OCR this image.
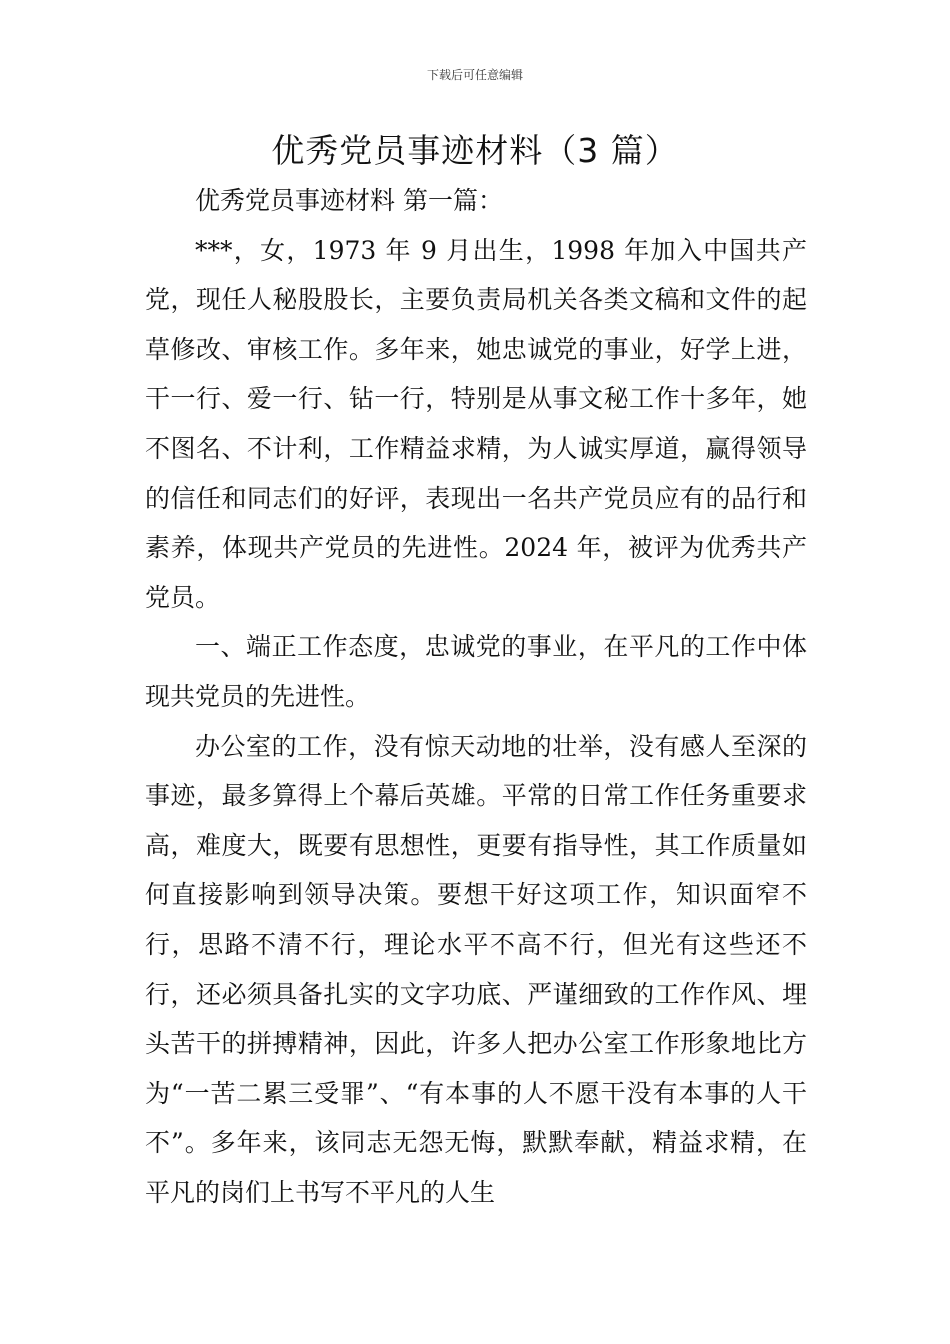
下载后可任意编辑
优秀党员事迹材料（3 篇）

优秀党员事迹材料 第一篇：

***，女，1973 年 9 月出生，1998 年加入中国共产党，现任人秘股股长，主要负责局机关各类文稿和文件的起草修改、审核工作。多年来，她忠诚党的事业，好学上进，干一行、爱一行、钻一行，特别是从事文秘工作十多年，她不图名、不计利，工作精益求精，为人诚实厚道，赢得领导的信任和同志们的好评，表现出一名共产党员应有的品行和素养，体现共产党员的先进性。2024 年，被评为优秀共产党员。

一、端正工作态度，忠诚党的事业，在平凡的工作中体现共党员的先进性。

办公室的工作，没有惊天动地的壮举，没有感人至深的事迹，最多算得上个幕后英雄。平常的日常工作任务重要求高，难度大，既要有思想性，更要有指导性，其工作质量如何直接影响到领导决策。要想干好这项工作，知识面窄不行，思路不清不行，理论水平不高不行，但光有这些还不行，还必须具备扎实的文字功底、严谨细致的工作作风、埋头苦干的拼搏精神，因此，许多人把办公室工作形象地比方为“一苦二累三受罪”、“有本事的人不愿干没有本事的人干不”。多年来，该同志无怨无悔，默默奉献，精益求精，在平凡的岗们上书写不平凡的人生
